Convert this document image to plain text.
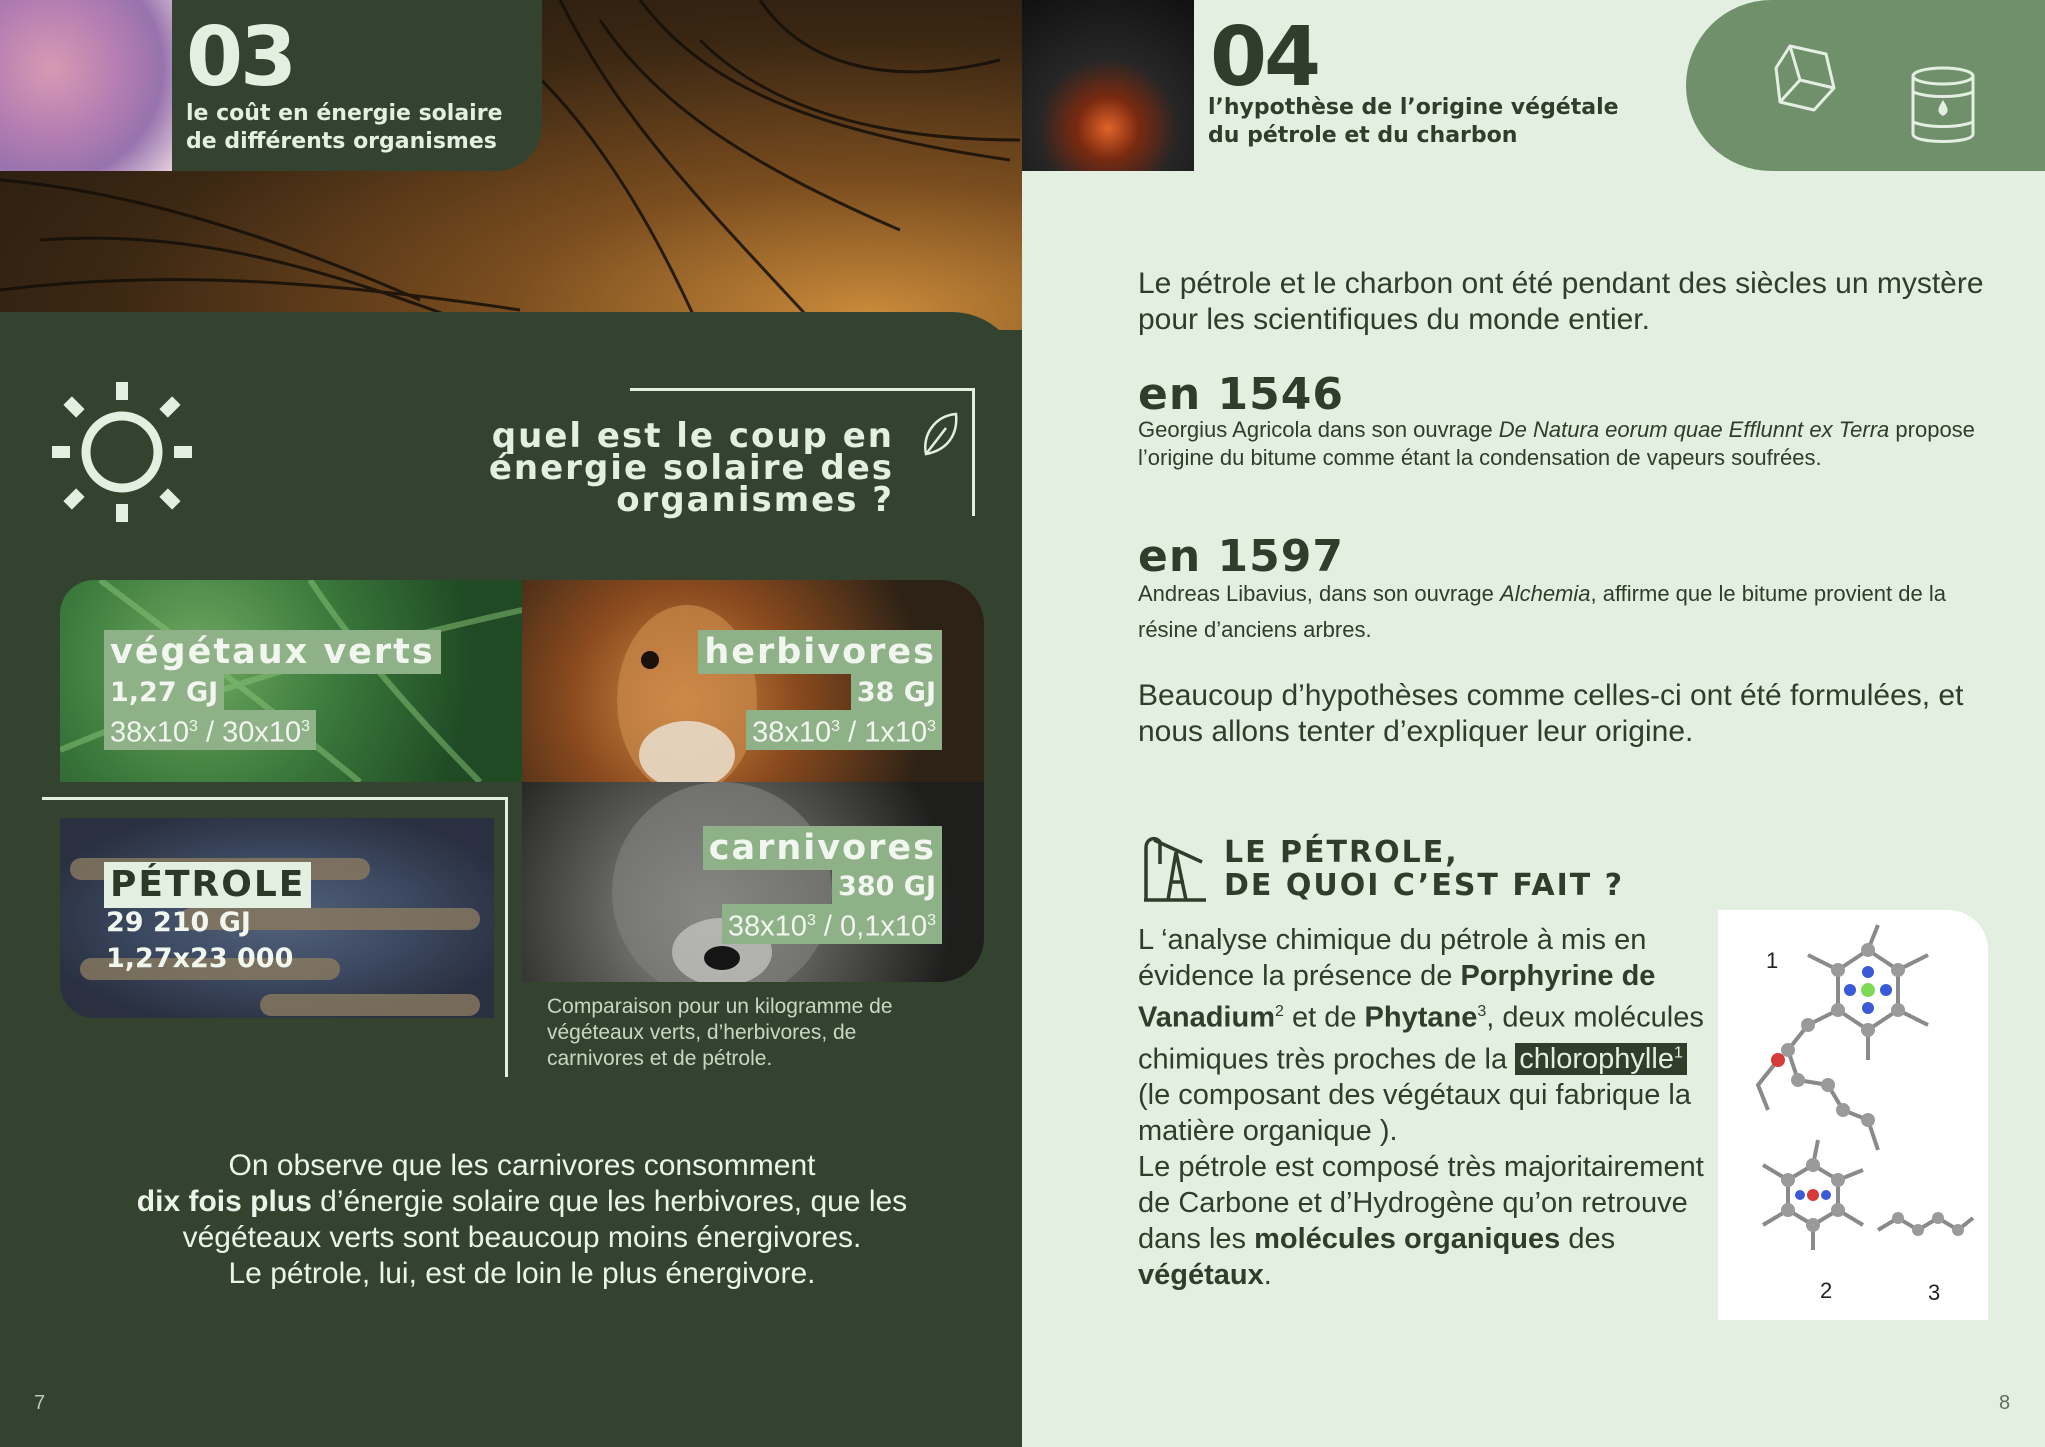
03
le coût en énergie solaire
de différents organismes
quel est le coup en
énergie solaire des
organismes ?
végétaux verts
1,27 GJ
$38x10^3 / 30x10^3$
herbivores
38 GJ
$38x10^3 / 1x10^3$
carnivores
380 GJ
$38x10^3 / 0,1x10^3$
PÉTROLE
29 210 GJ
1,27x23 000
Comparaison pour un kilogramme de végéteaux verts, d’herbivores, de carnivores et de pétrole.
On observe que les carnivores consomment
dix fois plus d’énergie solaire que les herbivores, que les végéteaux verts sont beaucoup moins énergivores.
Le pétrole, lui, est de loin le plus énergivore.
7
04
l’hypothèse de l’origine végétale
du pétrole et du charbon
Le pétrole et le charbon ont été pendant des siècles un mystère pour les scientifiques du monde entier.
en 1546
Georgius Agricola dans son ouvrage De Natura eorum quae Efflunnt ex Terra propose l’origine du bitume comme étant la condensation de vapeurs soufrées.
en 1597
Andreas Libavius, dans son ouvrage Alchemia, affirme que le bitume provient de la résine d’anciens arbres.
Beaucoup d’hypothèses comme celles-ci ont été formulées, et nous allons tenter d’expliquer leur origine.
LE PÉTROLE,
DE QUOI C’EST FAIT ?
L ‘analyse chimique du pétrole à mis en évidence la présence de Porphyrine de Vanadium$^2$ et de Phytane$^3$, deux molécules chimiques très proches de la chlorophylle$^1$ (le composant des végétaux qui fabrique la matière organique ).
Le pétrole est composé très majoritairement de Carbone et d’Hydrogène qu’on retrouve dans les molécules organiques des végétaux.
1
2	3
8
